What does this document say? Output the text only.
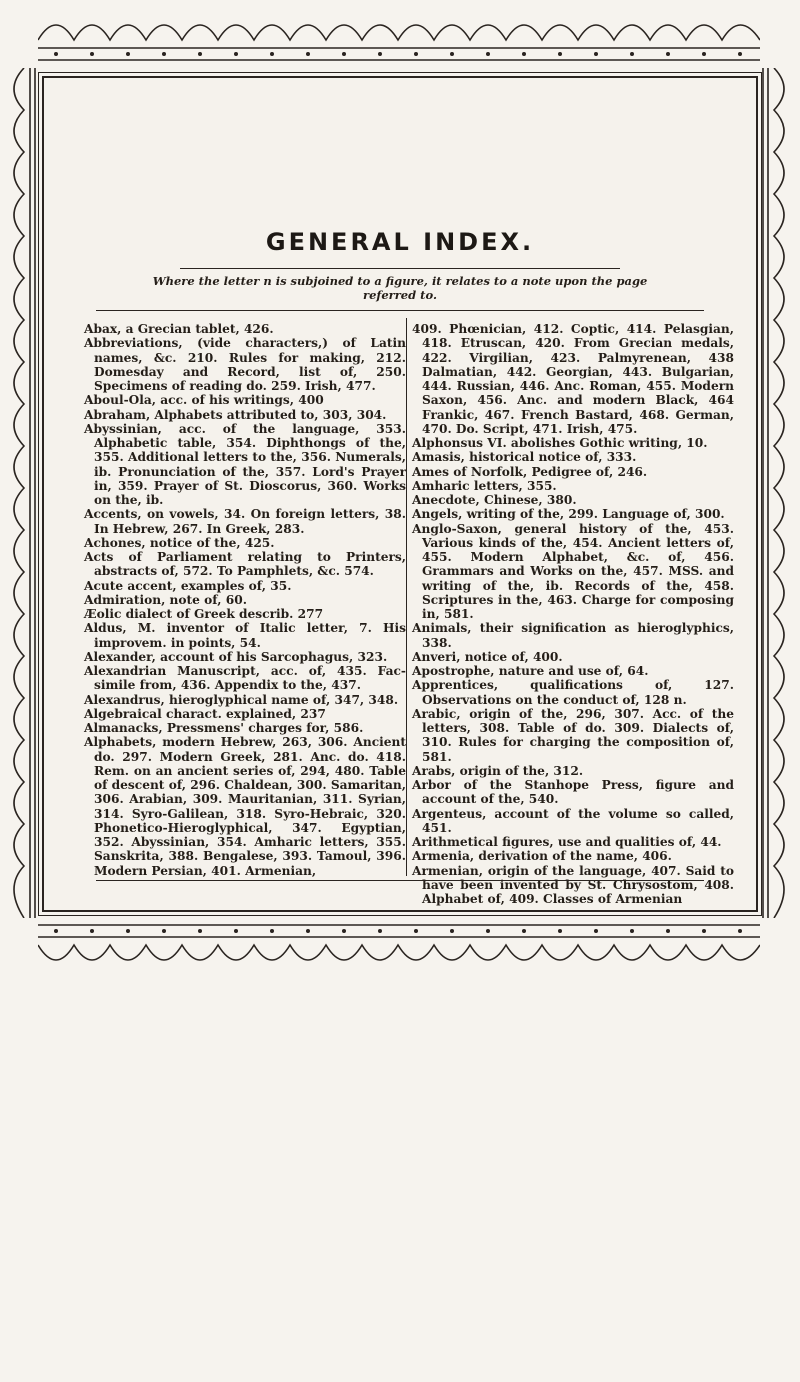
GENERAL INDEX.
Where the letter n is subjoined to a figure, it relates to a note upon the page referred to.

Abax, a Grecian tablet, 426.

Abbreviations, (vide characters,) of Latin names, &c. 210. Rules for making, 212. Domesday and Record, list of, 250. Specimens of reading do. 259. Irish, 477.

Aboul-Ola, acc. of his writings, 400

Abraham, Alphabets attributed to, 303, 304.

Abyssinian, acc. of the language, 353. Alphabetic table, 354. Diphthongs of the, 355. Additional letters to the, 356. Numerals, ib. Pronunciation of the, 357. Lord's Prayer in, 359. Prayer of St. Dioscorus, 360. Works on the, ib.

Accents, on vowels, 34. On foreign letters, 38. In Hebrew, 267. In Greek, 283.

Achones, notice of the, 425.

Acts of Parliament relating to Printers, abstracts of, 572. To Pamphlets, &c. 574.

Acute accent, examples of, 35.

Admiration, note of, 60.

Æolic dialect of Greek describ. 277

Aldus, M. inventor of Italic letter, 7. His improvem. in points, 54.

Alexander, account of his Sarcophagus, 323.

Alexandrian Manuscript, acc. of, 435. Fac-simile from, 436. Appendix to the, 437.

Alexandrus, hieroglyphical name of, 347, 348.

Algebraical charact. explained, 237

Almanacks, Pressmens' charges for, 586.

Alphabets, modern Hebrew, 263, 306. Ancient do. 297. Modern Greek, 281. Anc. do. 418. Rem. on an ancient series of, 294, 480. Table of descent of, 296. Chaldean, 300. Samaritan, 306. Arabian, 309. Mauritanian, 311. Syrian, 314. Syro-Galilean, 318. Syro-Hebraic, 320. Phonetico-Hieroglyphical, 347. Egyptian, 352. Abyssinian, 354. Amharic letters, 355. Sanskrita, 388. Bengalese, 393. Tamoul, 396. Modern Persian, 401. Armenian,

409. Phœnician, 412. Coptic, 414. Pelasgian, 418. Etruscan, 420. From Grecian medals, 422. Virgilian, 423. Palmyrenean, 438 Dalmatian, 442. Georgian, 443. Bulgarian, 444. Russian, 446. Anc. Roman, 455. Modern Saxon, 456. Anc. and modern Black, 464 Frankic, 467. French Bastard, 468. German, 470. Do. Script, 471. Irish, 475.

Alphonsus VI. abolishes Gothic writing, 10.

Amasis, historical notice of, 333.

Ames of Norfolk, Pedigree of, 246.

Amharic letters, 355.

Anecdote, Chinese, 380.

Angels, writing of the, 299. Language of, 300.

Anglo-Saxon, general history of the, 453. Various kinds of the, 454. Ancient letters of, 455. Modern Alphabet, &c. of, 456. Grammars and Works on the, 457. MSS. and writing of the, ib. Records of the, 458. Scriptures in the, 463. Charge for composing in, 581.

Animals, their signification as hieroglyphics, 338.

Anveri, notice of, 400.

Apostrophe, nature and use of, 64.

Apprentices, qualifications of, 127. Observations on the conduct of, 128 n.

Arabic, origin of the, 296, 307. Acc. of the letters, 308. Table of do. 309. Dialects of, 310. Rules for charging the composition of, 581.

Arabs, origin of the, 312.

Arbor of the Stanhope Press, figure and account of the, 540.

Argenteus, account of the volume so called, 451.

Arithmetical figures, use and qualities of, 44.

Armenia, derivation of the name, 406.

Armenian, origin of the language, 407. Said to have been invented by St. Chrysostom, 408. Alphabet of, 409. Classes of Armenian
